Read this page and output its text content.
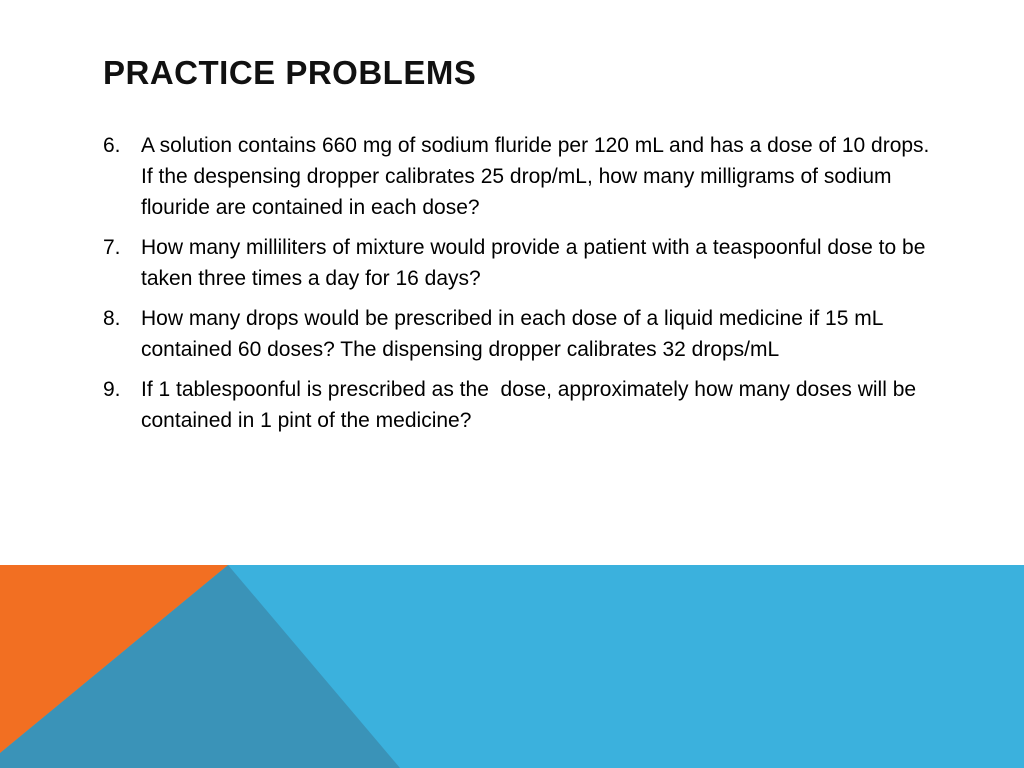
PRACTICE PROBLEMS
6. A solution contains 660 mg of sodium fluride per 120 mL and has a dose of 10 drops. If the despensing dropper calibrates 25 drop/mL, how many milligrams of sodium flouride are contained in each dose?
7. How many milliliters of mixture would provide a patient with a teaspoonful dose to be taken three times a day for 16 days?
8. How many drops would be prescribed in each dose of a liquid medicine if 15 mL contained 60 doses? The dispensing dropper calibrates 32 drops/mL
9. If 1 tablespoonful is prescribed as the  dose, approximately how many doses will be contained in 1 pint of the medicine?
